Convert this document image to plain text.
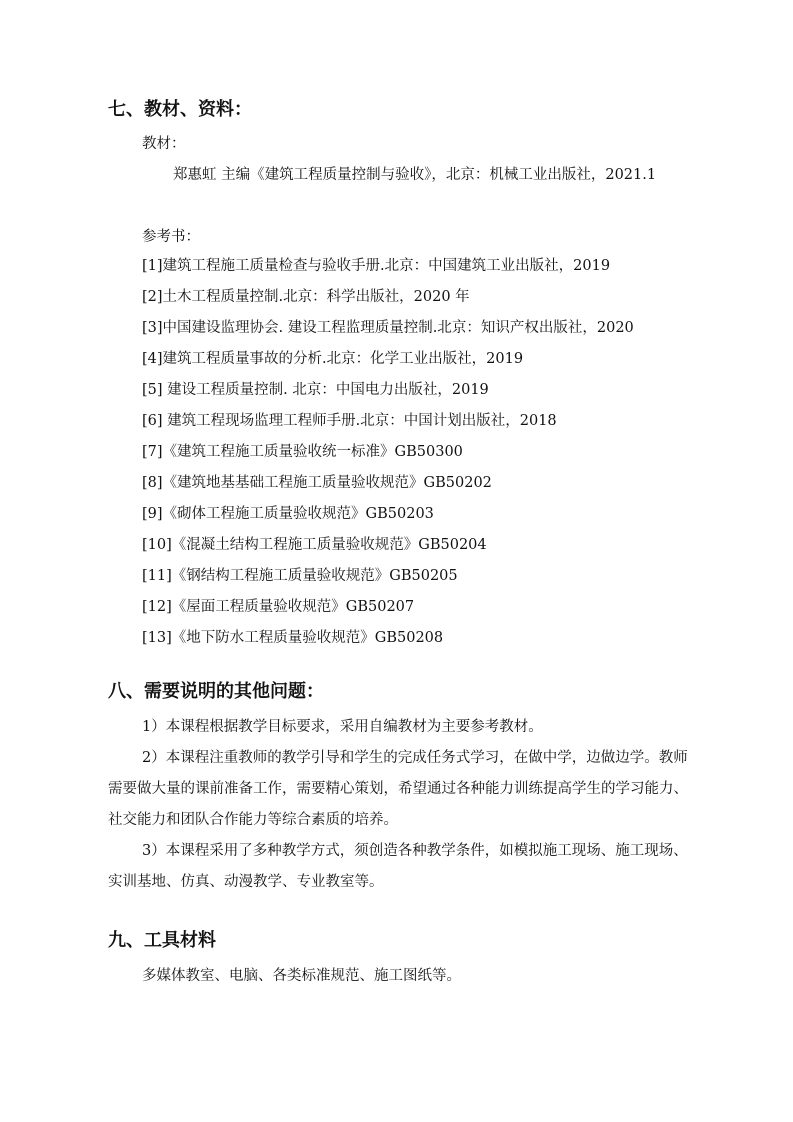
七、教材、资料：
教材：
郑惠虹 主编《建筑工程质量控制与验收》，北京：机械工业出版社，2021.1
参考书：
[1]建筑工程施工质量检查与验收手册.北京：中国建筑工业出版社，2019
[2]土木工程质量控制.北京：科学出版社，2020 年
[3]中国建设监理协会. 建设工程监理质量控制.北京：知识产权出版社，2020
[4]建筑工程质量事故的分析.北京：化学工业出版社，2019
[5] 建设工程质量控制. 北京：中国电力出版社，2019
[6] 建筑工程现场监理工程师手册.北京：中国计划出版社，2018
[7]《建筑工程施工质量验收统一标准》GB50300
[8]《建筑地基基础工程施工质量验收规范》GB50202
[9]《砌体工程施工质量验收规范》GB50203
[10]《混凝土结构工程施工质量验收规范》GB50204
[11]《钢结构工程施工质量验收规范》GB50205
[12]《屋面工程质量验收规范》GB50207
[13]《地下防水工程质量验收规范》GB50208
八、需要说明的其他问题：
1）本课程根据教学目标要求，采用自编教材为主要参考教材。
2）本课程注重教师的教学引导和学生的完成任务式学习，在做中学，边做边学。教师
需要做大量的课前准备工作，需要精心策划，希望通过各种能力训练提高学生的学习能力、
社交能力和团队合作能力等综合素质的培养。
3）本课程采用了多种教学方式，须创造各种教学条件，如模拟施工现场、施工现场、
实训基地、仿真、动漫教学、专业教室等。
九、工具材料
多媒体教室、电脑、各类标准规范、施工图纸等。
